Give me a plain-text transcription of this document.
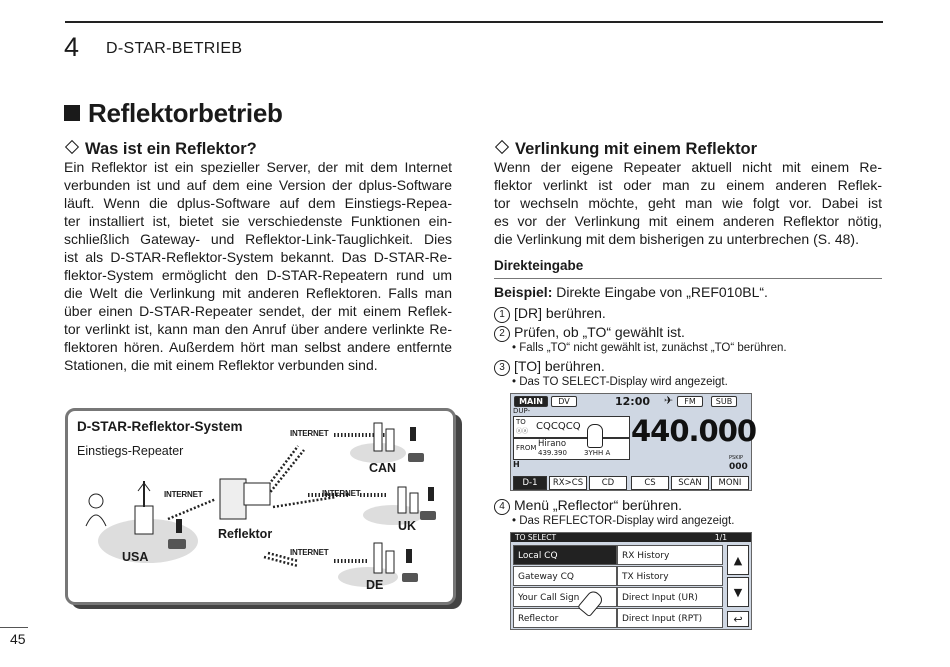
4 D-STAR-BETRIEB
Reflektorbetrieb
Was ist ein Reflektor?
Ein Reflektor ist ein spezieller Server, der mit dem Internet
verbunden ist und auf dem eine Version der dplus-Software
läuft. Wenn die dplus-Software auf dem Einstiegs-Repea-
ter installiert ist, bietet sie verschiedenste Funktionen ein-
schließlich Gateway- und Reflektor-Link-Tauglichkeit. Dies
ist als D-STAR-Reflektor-System bekannt. Das D-STAR-Re-
flektor-System ermöglicht den D-STAR-Repeatern rund um
die Welt die Verlinkung mit anderen Reflektoren. Falls man
über einen D-STAR-Repeater sendet, der mit einem Reflek-
tor verlinkt ist, kann man den Anruf über andere verlinkte Re-
flektoren hören. Außerdem hört man selbst andere entfernte
Stationen, die mit einem Reflektor verbunden sind.
D-STAR-Reflektor-System
Einstiegs-Repeater
INTERNET
INTERNET	INTERNET
INTERNET
Reflektor
USA
CAN
UK
DE
Verlinkung mit einem Reflektor
Wenn der eigene Repeater aktuell nicht mit einem Re-
flektor verlinkt ist oder man zu einem anderen Reflek-
tor wechseln möchte, geht man wie folgt vor. Dabei ist
es vor der Verlinkung mit einem anderen Reflektor nötig,
die Verlinkung mit dem bisherigen zu unterbrechen (S. 48).
Direkteingabe
Beispiel: Direkte Eingabe von „REF010BL“.
1 [DR] berühren.
2 Prüfen, ob „TO“ gewählt ist.
• Falls „TO“ nicht gewählt ist, zunächst „TO“ berühren.
3 [TO] berühren.
• Das TO SELECT-Display wird angezeigt.
MAIN	DV	12:00 ✈	FM	SUB
DUP-
TO
ⓐⓐ CQCQCQ
FROM Hirano
439.390 3YHH A
440.000
H
PSKIP
000
D-1	RX>CS	CD	CS	SCAN	MONI
4 Menü „Reflector“ berühren.
• Das REFLECTOR-Display wird angezeigt.
TO SELECT	1/1
Local CQ	RX History
Gateway CQ	TX History
Your Call Sign	Direct Input (UR)
Reflector	Direct Input (RPT)
▲
▼
↩
45
